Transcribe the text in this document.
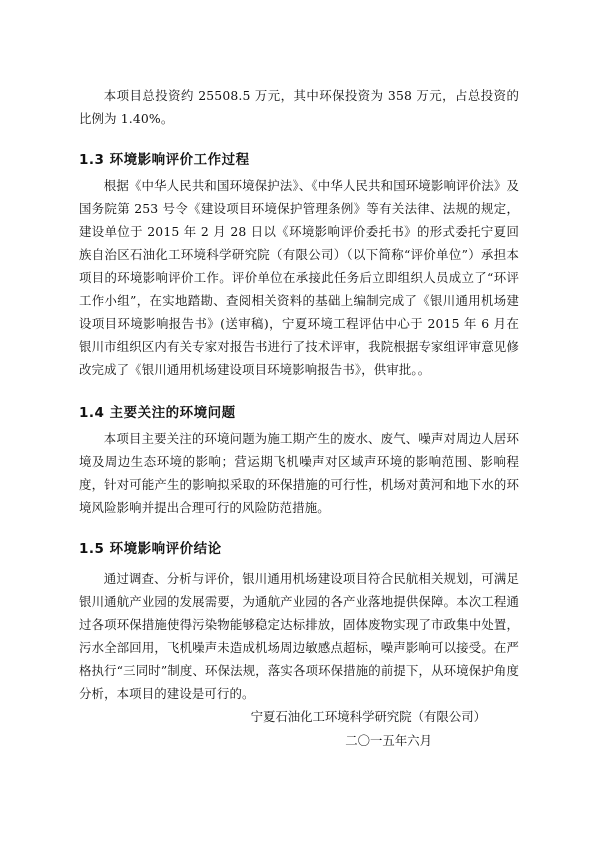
本项目总投资约 25508.5 万元，其中环保投资为 358 万元，占总投资的比例为 1.40%。

1.3 环境影响评价工作过程

根据《中华人民共和国环境保护法》、《中华人民共和国环境影响评价法》及国务院第 253 号令《建设项目环境保护管理条例》等有关法律、法规的规定，建设单位于 2015 年 2 月 28 日以《环境影响评价委托书》的形式委托宁夏回族自治区石油化工环境科学研究院（有限公司）（以下简称“评价单位”）承担本项目的环境影响评价工作。评价单位在承接此任务后立即组织人员成立了“环评工作小组”，在实地踏勘、查阅相关资料的基础上编制完成了《银川通用机场建设项目环境影响报告书》(送审稿)，宁夏环境工程评估中心于 2015 年 6 月在银川市组织区内有关专家对报告书进行了技术评审，我院根据专家组评审意见修改完成了《银川通用机场建设项目环境影响报告书》，供审批。。

1.4 主要关注的环境问题

本项目主要关注的环境问题为施工期产生的废水、废气、噪声对周边人居环境及周边生态环境的影响；营运期飞机噪声对区域声环境的影响范围、影响程度，针对可能产生的影响拟采取的环保措施的可行性，机场对黄河和地下水的环境风险影响并提出合理可行的风险防范措施。

1.5 环境影响评价结论

通过调查、分析与评价，银川通用机场建设项目符合民航相关规划，可满足银川通航产业园的发展需要，为通航产业园的各产业落地提供保障。本次工程通过各项环保措施使得污染物能够稳定达标排放，固体废物实现了市政集中处置，污水全部回用，飞机噪声未造成机场周边敏感点超标，噪声影响可以接受。在严格执行“三同时”制度、环保法规，落实各项环保措施的前提下，从环境保护角度分析，本项目的建设是可行的。

宁夏石油化工环境科学研究院（有限公司）
二〇一五年六月
